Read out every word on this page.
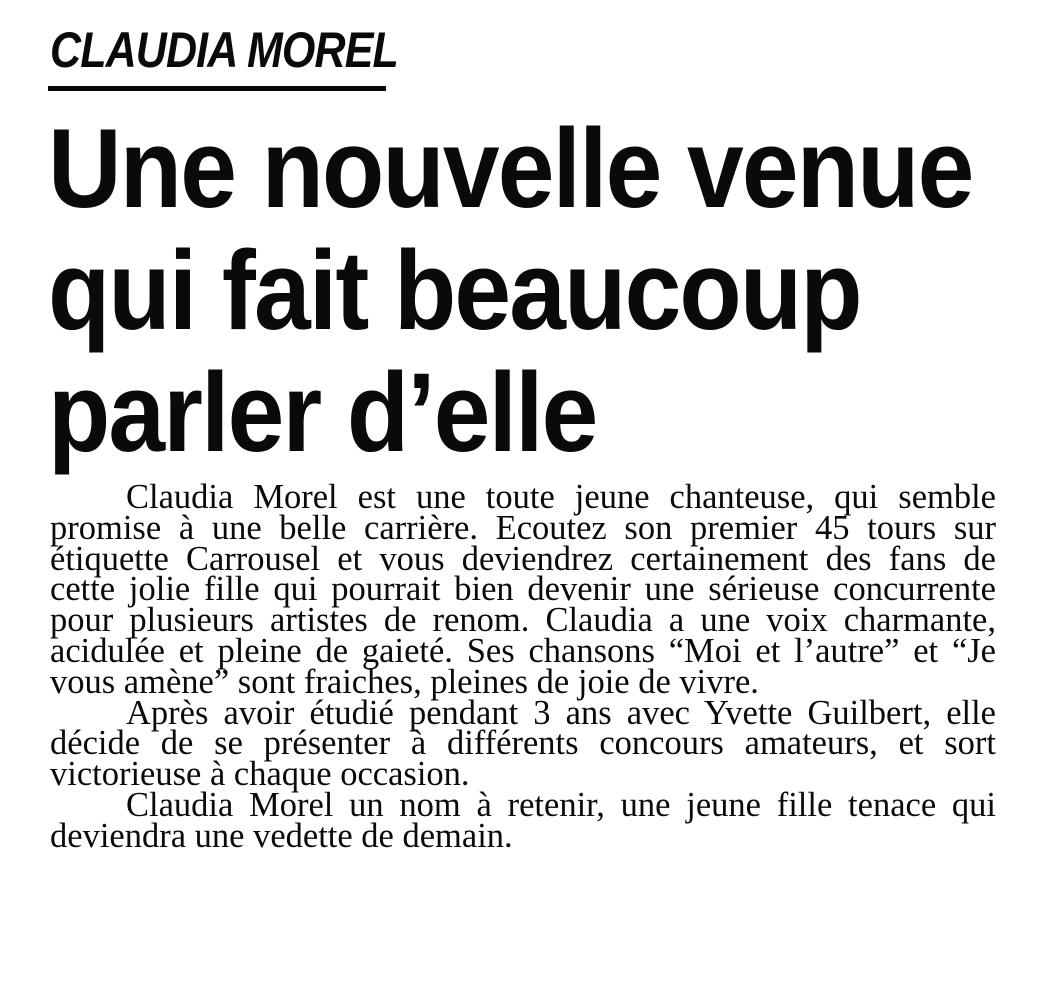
CLAUDIA MOREL
Une nouvelle venue
qui fait beaucoup
parler d’elle

Claudia Morel est une toute jeune chanteuse, qui semble promise à une belle carrière. Ecoutez son premier 45 tours sur étiquette Carrousel et vous deviendrez certainement des fans de cette jolie fille qui pourrait bien devenir une sérieuse concurrente pour plusieurs artistes de renom. Claudia a une voix charmante, acidulée et pleine de gaieté. Ses chansons “Moi et l’autre” et “Je vous amène” sont fraiches, pleines de joie de vivre.

Après avoir étudié pendant 3 ans avec Yvette Guilbert, elle décide de se présenter à différents concours amateurs, et sort victorieuse à chaque occasion.

Claudia Morel un nom à retenir, une jeune fille tenace qui deviendra une vedette de demain.
